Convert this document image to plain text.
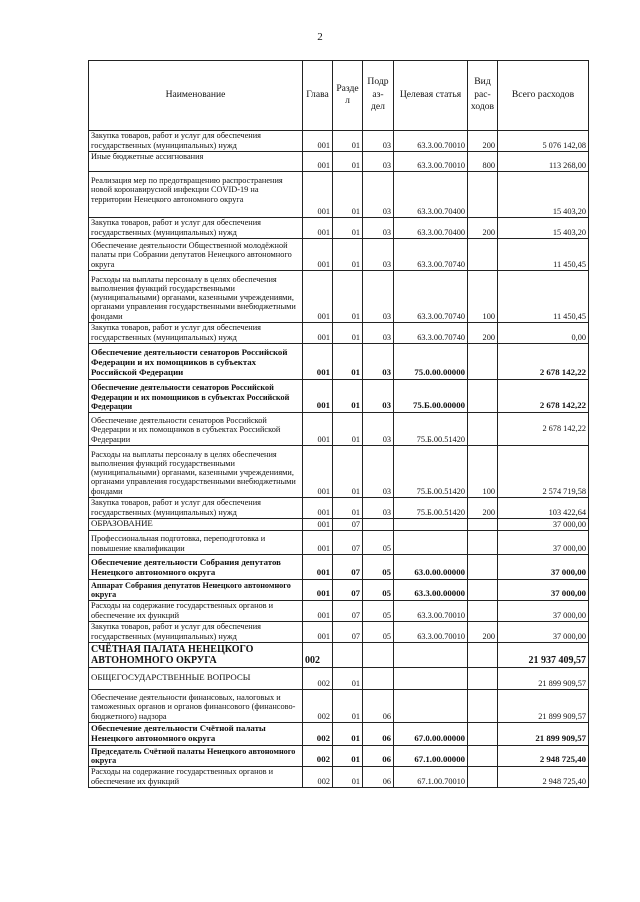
2
Наименование	Глава	Разде л	Подр аз- дел	Целевая статья	Вид рас- ходов	Всего расходов
Закупка товаров, работ и услуг для обеспечения государственных (муниципальных) нужд	001	01	03	63.3.00.70010	200	5 076 142,08
Иные бюджетные ассигнования	001	01	03	63.3.00.70010	800	113 268,00
Реализация мер по предотвращению распространения новой коронавирусной инфекции COVID-19 на территории Ненецкого автономного округа	001	01	03	63.3.00.70400		15 403,20
Закупка товаров, работ и услуг для обеспечения государственных (муниципальных) нужд	001	01	03	63.3.00.70400	200	15 403,20
Обеспечение деятельности Общественной молодёжной палаты при Собрании депутатов Ненецкого автономного округа	001	01	03	63.3.00.70740		11 450,45
Расходы на выплаты персоналу в целях обеспечения выполнения функций государственными (муниципальными) органами, казенными учреждениями, органами управления государственными внебюджетными фондами	001	01	03	63.3.00.70740	100	11 450,45
Закупка товаров, работ и услуг для обеспечения государственных (муниципальных) нужд	001	01	03	63.3.00.70740	200	0,00
Обеспечение деятельности сенаторов Российской Федерации и их помощников в субъектах Российской Федерации	001	01	03	75.0.00.00000		2 678 142,22
Обеспечение деятельности сенаторов Российской Федерации и их помощников в субъектах Российской Федерации	001	01	03	75.Б.00.00000		2 678 142,22
Обеспечение деятельности сенаторов Российской Федерации и их помощников в субъектах Российской Федерации	001	01	03	75.Б.00.51420		2 678 142,22
Расходы на выплаты персоналу в целях обеспечения выполнения функций государственными (муниципальными) органами, казенными учреждениями, органами управления государственными внебюджетными фондами	001	01	03	75.Б.00.51420	100	2 574 719,58
Закупка товаров, работ и услуг для обеспечения государственных (муниципальных) нужд	001	01	03	75.Б.00.51420	200	103 422,64
ОБРАЗОВАНИЕ	001	07				37 000,00
Профессиональная подготовка, переподготовка и повышение квалификации	001	07	05			37 000,00
Обеспечение деятельности Собрания депутатов Ненецкого автономного округа	001	07	05	63.0.00.00000		37 000,00
Аппарат Собрания депутатов Ненецкого автономного округа	001	07	05	63.3.00.00000		37 000,00
Расходы на содержание государственных органов и обеспечение их функций	001	07	05	63.3.00.70010		37 000,00
Закупка товаров, работ и услуг для обеспечения государственных (муниципальных) нужд	001	07	05	63.3.00.70010	200	37 000,00
СЧЁТНАЯ ПАЛАТА НЕНЕЦКОГО АВТОНОМНОГО ОКРУГА	002					21 937 409,57
ОБЩЕГОСУДАРСТВЕННЫЕ ВОПРОСЫ	002	01				21 899 909,57
Обеспечение деятельности финансовых, налоговых и таможенных органов и органов финансового (финансово-бюджетного) надзора	002	01	06			21 899 909,57
Обеспечение деятельности Счётной палаты Ненецкого автономного округа	002	01	06	67.0.00.00000		21 899 909,57
Председатель Счётной палаты Ненецкого автономного округа	002	01	06	67.1.00.00000		2 948 725,40
Расходы на содержание государственных органов и обеспечение их функций	002	01	06	67.1.00.70010		2 948 725,40
